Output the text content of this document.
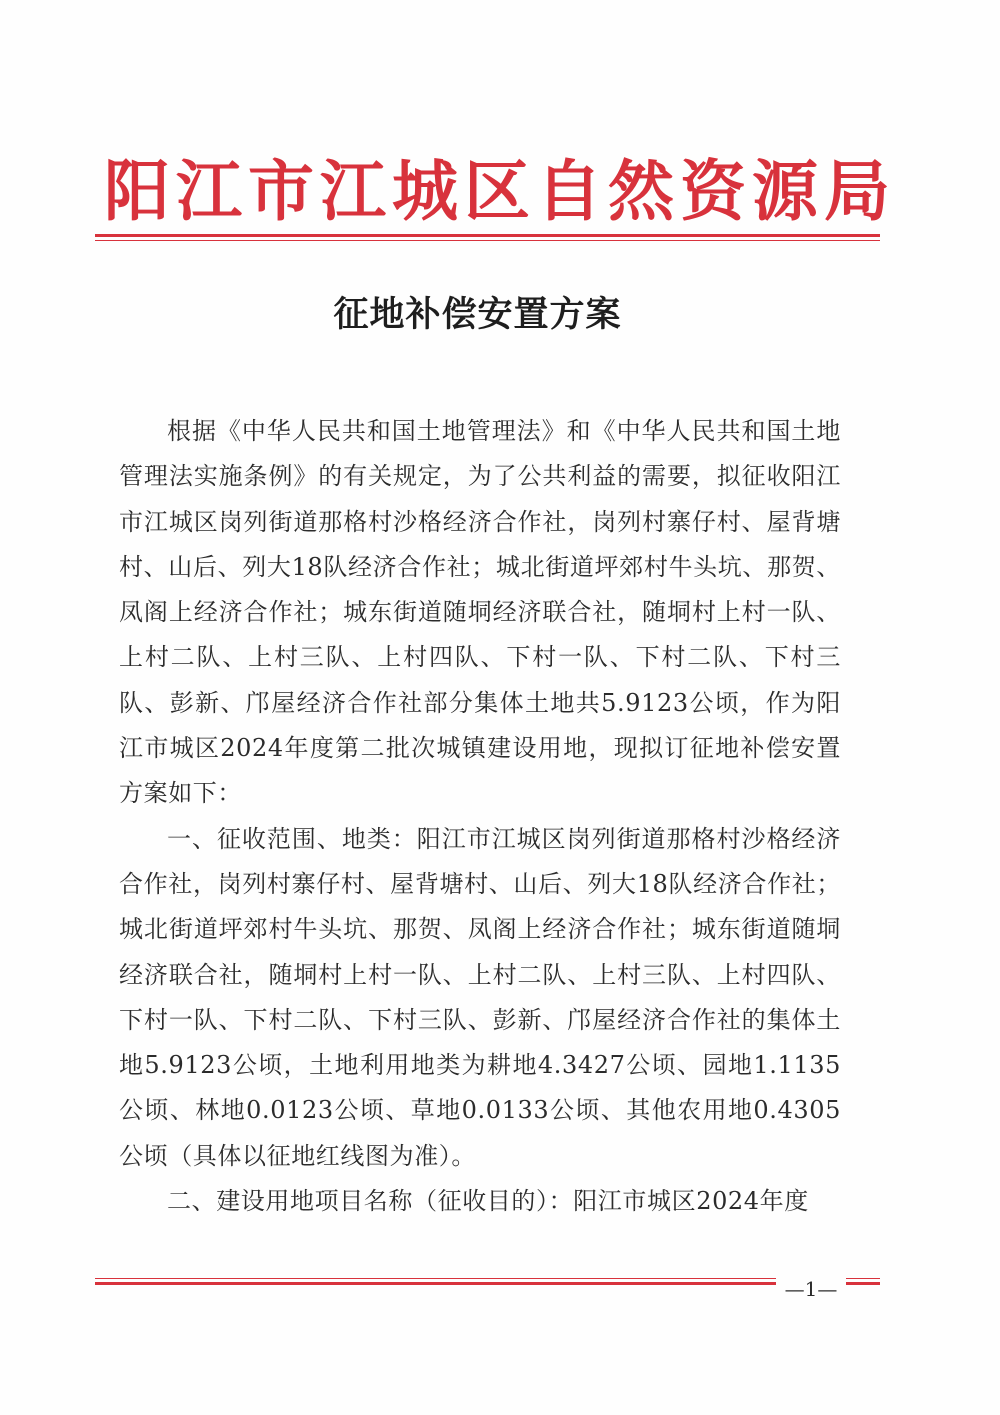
阳江市江城区自然资源局
征地补偿安置方案

根据《中华人民共和国土地管理法》和《中华人民共和国土地管理法实施条例》的有关规定，为了公共利益的需要，拟征收阳江市江城区岗列街道那格村沙格经济合作社，岗列村寨仔村、屋背塘村、山后、列大18队经济合作社；城北街道坪郊村牛头坑、那贺、凤阁上经济合作社；城东街道随垌经济联合社，随垌村上村一队、上村二队、上村三队、上村四队、下村一队、下村二队、下村三队、彭新、邝屋经济合作社部分集体土地共5.9123公顷，作为阳江市城区2024年度第二批次城镇建设用地，现拟订征地补偿安置方案如下：

一、征收范围、地类：阳江市江城区岗列街道那格村沙格经济合作社，岗列村寨仔村、屋背塘村、山后、列大18队经济合作社；城北街道坪郊村牛头坑、那贺、凤阁上经济合作社；城东街道随垌经济联合社，随垌村上村一队、上村二队、上村三队、上村四队、下村一队、下村二队、下村三队、彭新、邝屋经济合作社的集体土地5.9123公顷，土地利用地类为耕地4.3427公顷、园地1.1135公顷、林地0.0123公顷、草地0.0133公顷、其他农用地0.4305公顷（具体以征地红线图为准）。

二、建设用地项目名称（征收目的）：阳江市城区2024年度

—1—
